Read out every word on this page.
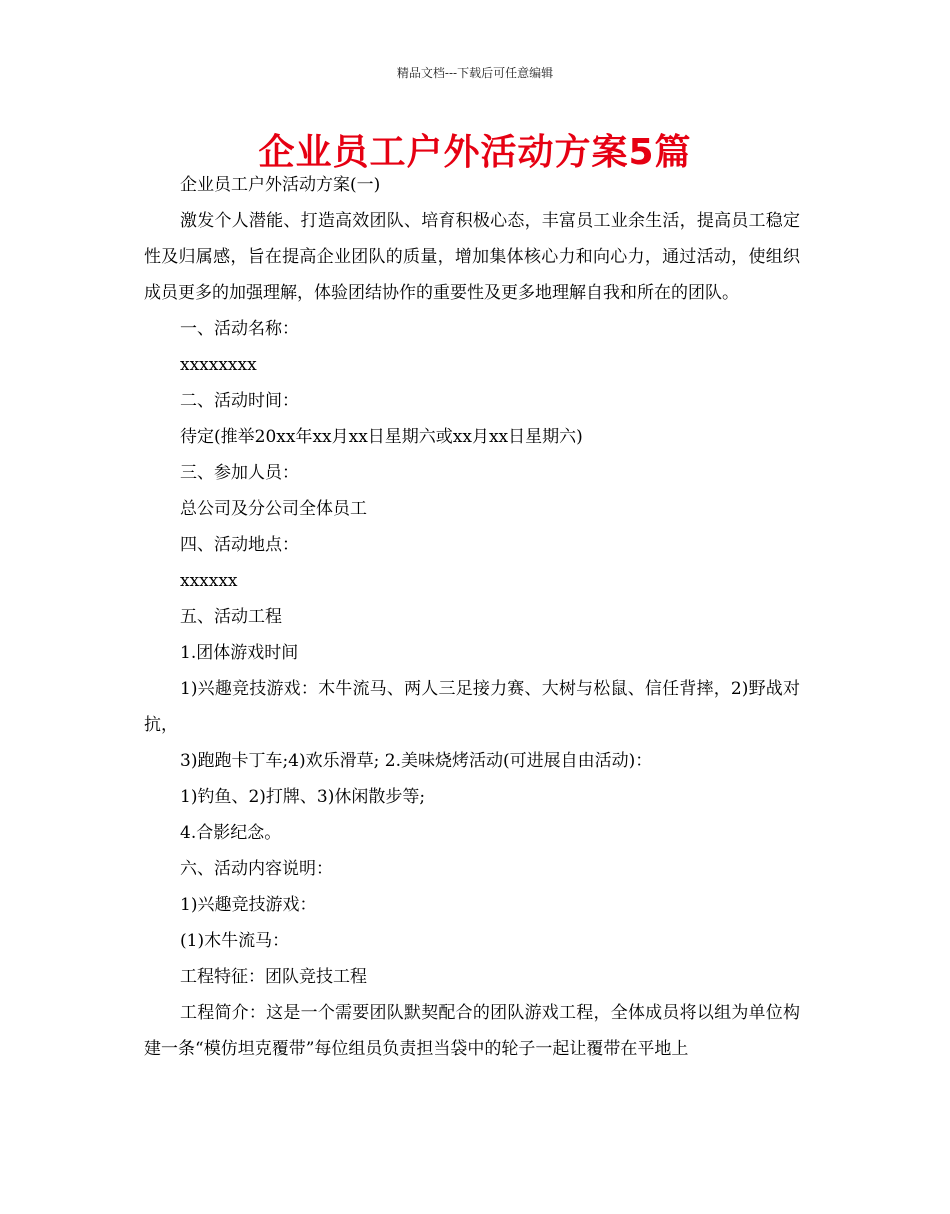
精品文档---下载后可任意编辑
企业员工户外活动方案5篇

企业员工户外活动方案(一)

激发个人潜能、打造高效团队、培育积极心态，丰富员工业余生活，提高员工稳定性及归属感，旨在提高企业团队的质量，增加集体核心力和向心力，通过活动，使组织成员更多的加强理解，体验团结协作的重要性及更多地理解自我和所在的团队。

一、活动名称：

xxxxxxxx

二、活动时间：

待定(推举20xx年xx月xx日星期六或xx月xx日星期六)

三、参加人员：

总公司及分公司全体员工

四、活动地点：

xxxxxx

五、活动工程

1.团体游戏时间

1)兴趣竞技游戏：木牛流马、两人三足接力赛、大树与松鼠、信任背摔，2)野战对抗，

3)跑跑卡丁车;4)欢乐滑草; 2.美味烧烤活动(可进展自由活动)：

1)钓鱼、2)打牌、3)休闲散步等;

4.合影纪念。

六、活动内容说明：

1)兴趣竞技游戏：

(1)木牛流马：

工程特征：团队竞技工程

工程简介：这是一个需要团队默契配合的团队游戏工程，全体成员将以组为单位构建一条“模仿坦克覆带”每位组员负责担当袋中的轮子一起让覆带在平地上
